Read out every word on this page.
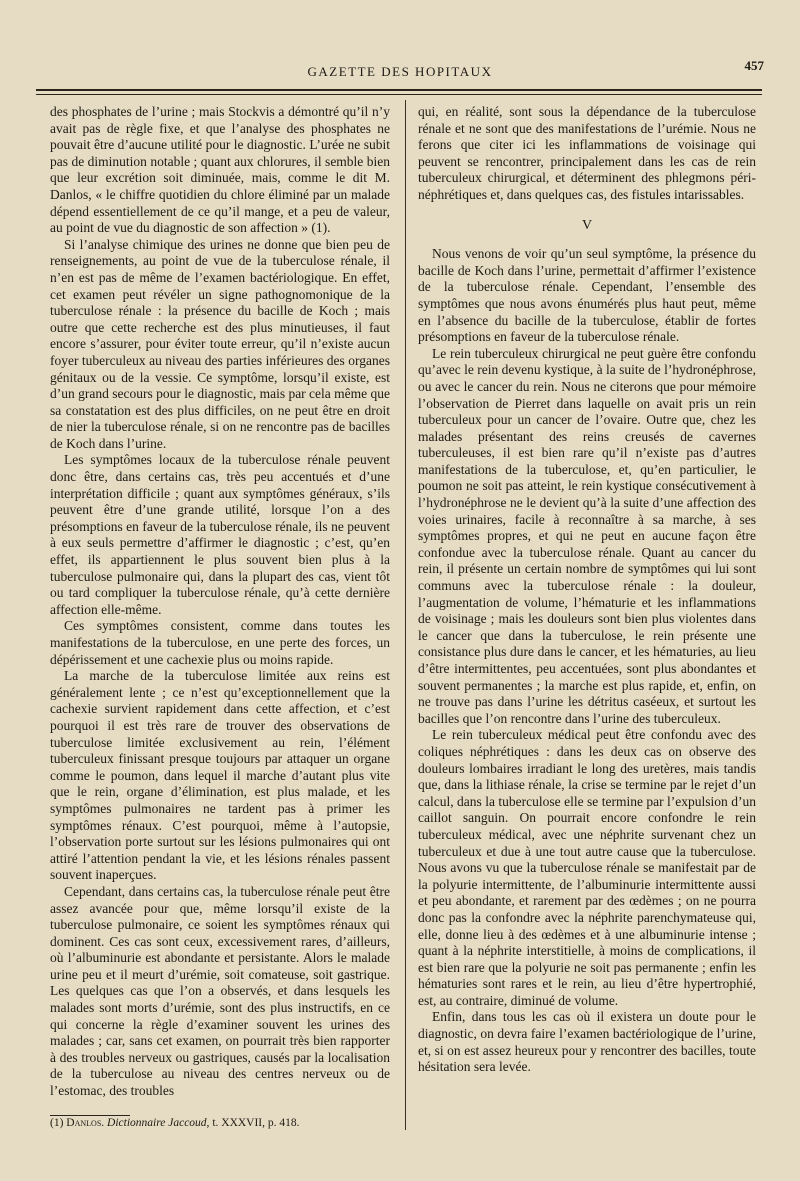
GAZETTE DES HOPITAUX	457

des phosphates de l’urine ; mais Stockvis a démontré qu’il n’y avait pas de règle fixe, et que l’analyse des phosphates ne pouvait être d’aucune utilité pour le diagnostic. L’urée ne subit pas de diminution notable ; quant aux chlorures, il semble bien que leur excrétion soit diminuée, mais, comme le dit M. Danlos, « le chiffre quotidien du chlore éliminé par un malade dépend essentiellement de ce qu’il mange, et a peu de valeur, au point de vue du diagnostic de son affection » (1).

Si l’analyse chimique des urines ne donne que bien peu de renseignements, au point de vue de la tuberculose rénale, il n’en est pas de même de l’examen bactériologique. En effet, cet examen peut révéler un signe pathognomonique de la tuberculose rénale : la présence du bacille de Koch ; mais outre que cette recherche est des plus minutieuses, il faut encore s’assurer, pour éviter toute erreur, qu’il n’existe aucun foyer tuberculeux au niveau des parties inférieures des organes génitaux ou de la vessie. Ce symptôme, lorsqu’il existe, est d’un grand secours pour le diagnostic, mais par cela même que sa constatation est des plus difficiles, on ne peut être en droit de nier la tuberculose rénale, si on ne rencontre pas de bacilles de Koch dans l’urine.

Les symptômes locaux de la tuberculose rénale peuvent donc être, dans certains cas, très peu accentués et d’une interprétation difficile ; quant aux symptômes généraux, s’ils peuvent être d’une grande utilité, lorsque l’on a des présomptions en faveur de la tuberculose rénale, ils ne peuvent à eux seuls permettre d’affirmer le diagnostic ; c’est, qu’en effet, ils appartiennent le plus souvent bien plus à la tuberculose pulmonaire qui, dans la plupart des cas, vient tôt ou tard compliquer la tuberculose rénale, qu’à cette dernière affection elle-même.

Ces symptômes consistent, comme dans toutes les manifestations de la tuberculose, en une perte des forces, un dépérissement et une cachexie plus ou moins rapide.

La marche de la tuberculose limitée aux reins est généralement lente ; ce n’est qu’exceptionnellement que la cachexie survient rapidement dans cette affection, et c’est pourquoi il est très rare de trouver des observations de tuberculose limitée exclusivement au rein, l’élément tuberculeux finissant presque toujours par attaquer un organe comme le poumon, dans lequel il marche d’autant plus vite que le rein, organe d’élimination, est plus malade, et les symptômes pulmonaires ne tardent pas à primer les symptômes rénaux. C’est pourquoi, même à l’autopsie, l’observation porte surtout sur les lésions pulmonaires qui ont attiré l’attention pendant la vie, et les lésions rénales passent souvent inaperçues.

Cependant, dans certains cas, la tuberculose rénale peut être assez avancée pour que, même lorsqu’il existe de la tuberculose pulmonaire, ce soient les symptômes rénaux qui dominent. Ces cas sont ceux, excessivement rares, d’ailleurs, où l’albuminurie est abondante et persistante. Alors le malade urine peu et il meurt d’urémie, soit comateuse, soit gastrique. Les quelques cas que l’on a observés, et dans lesquels les malades sont morts d’urémie, sont des plus instructifs, en ce qui concerne la règle d’examiner souvent les urines des malades ; car, sans cet examen, on pourrait très bien rapporter à des troubles nerveux ou gastriques, causés par la localisation de la tuberculose au niveau des centres nerveux ou de l’estomac, des troubles

qui, en réalité, sont sous la dépendance de la tuberculose rénale et ne sont que des manifestations de l’urémie. Nous ne ferons que citer ici les inflammations de voisinage qui peuvent se rencontrer, principalement dans les cas de rein tuberculeux chirurgical, et déterminent des phlegmons péri-néphrétiques et, dans quelques cas, des fistules intarissables.

V

Nous venons de voir qu’un seul symptôme, la présence du bacille de Koch dans l’urine, permettait d’affirmer l’existence de la tuberculose rénale. Cependant, l’ensemble des symptômes que nous avons énumérés plus haut peut, même en l’absence du bacille de la tuberculose, établir de fortes présomptions en faveur de la tuberculose rénale.

Le rein tuberculeux chirurgical ne peut guère être confondu qu’avec le rein devenu kystique, à la suite de l’hydronéphrose, ou avec le cancer du rein. Nous ne citerons que pour mémoire l’observation de Pierret dans laquelle on avait pris un rein tuberculeux pour un cancer de l’ovaire. Outre que, chez les malades présentant des reins creusés de cavernes tuberculeuses, il est bien rare qu’il n’existe pas d’autres manifestations de la tuberculose, et, qu’en particulier, le poumon ne soit pas atteint, le rein kystique consécutivement à l’hydronéphrose ne le devient qu’à la suite d’une affection des voies urinaires, facile à reconnaître à sa marche, à ses symptômes propres, et qui ne peut en aucune façon être confondue avec la tuberculose rénale. Quant au cancer du rein, il présente un certain nombre de symptômes qui lui sont communs avec la tuberculose rénale : la douleur, l’augmentation de volume, l’hématurie et les inflammations de voisinage ; mais les douleurs sont bien plus violentes dans le cancer que dans la tuberculose, le rein présente une consistance plus dure dans le cancer, et les hématuries, au lieu d’être intermittentes, peu accentuées, sont plus abondantes et souvent permanentes ; la marche est plus rapide, et, enfin, on ne trouve pas dans l’urine les détritus caséeux, et surtout les bacilles que l’on rencontre dans l’urine des tuberculeux.

Le rein tuberculeux médical peut être confondu avec des coliques néphrétiques : dans les deux cas on observe des douleurs lombaires irradiant le long des uretères, mais tandis que, dans la lithiase rénale, la crise se termine par le rejet d’un calcul, dans la tuberculose elle se termine par l’expulsion d’un caillot sanguin. On pourrait encore confondre le rein tuberculeux médical, avec une néphrite survenant chez un tuberculeux et due à une tout autre cause que la tuberculose. Nous avons vu que la tuberculose rénale se manifestait par de la polyurie intermittente, de l’albuminurie intermittente aussi et peu abondante, et rarement par des œdèmes ; on ne pourra donc pas la confondre avec la néphrite parenchymateuse qui, elle, donne lieu à des œdèmes et à une albuminurie intense ; quant à la néphrite interstitielle, à moins de complications, il est bien rare que la polyurie ne soit pas permanente ; enfin les hématuries sont rares et le rein, au lieu d’être hypertrophié, est, au contraire, diminué de volume.

Enfin, dans tous les cas où il existera un doute pour le diagnostic, on devra faire l’examen bactériologique de l’urine, et, si on est assez heureux pour y rencontrer des bacilles, toute hésitation sera levée.

(1) Danlos. Dictionnaire Jaccoud, t. XXXVII, p. 418.
